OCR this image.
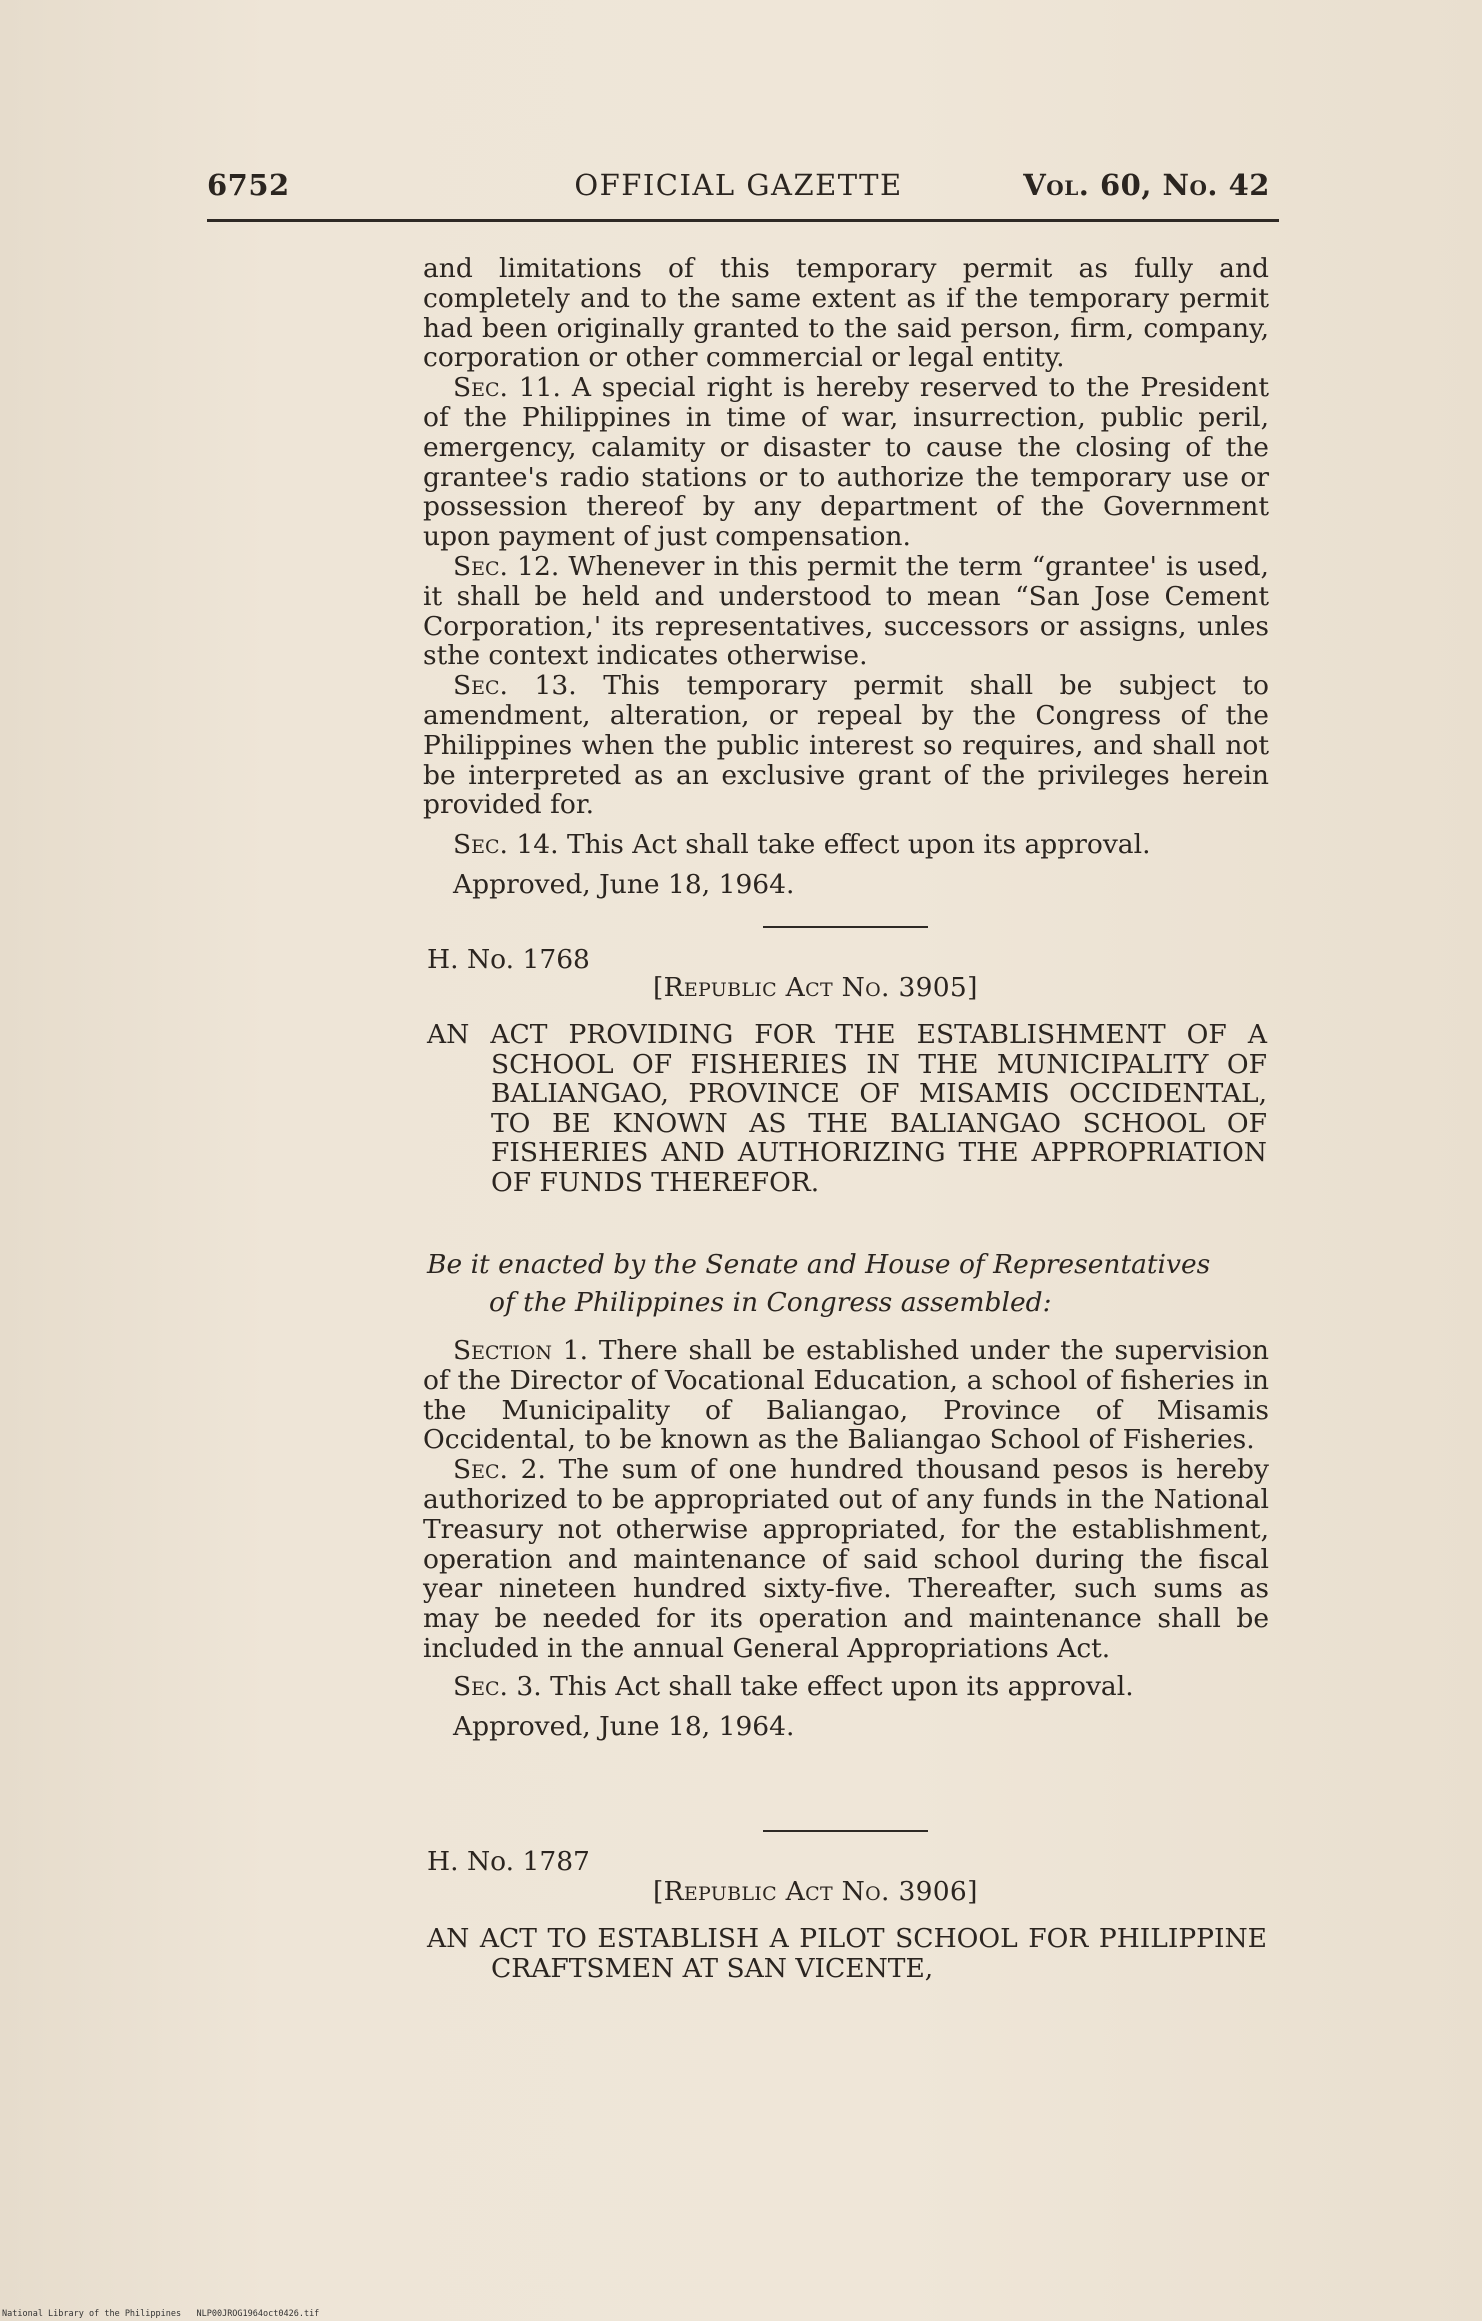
6752	OFFICIAL GAZETTE	Vol. 60, No. 42

and limitations of this temporary permit as fully and completely and to the same extent as if the temporary permit had been originally granted to the said person, firm, company, corporation or other commercial or legal entity.

Sec. 11. A special right is hereby reserved to the President of the Philippines in time of war, insurrection, public peril, emergency, calamity or disaster to cause the closing of the grantee's radio stations or to authorize the temporary use or possession thereof by any department of the Government upon payment of just compensation.

Sec. 12. Whenever in this permit the term “grantee' is used, it shall be held and understood to mean “San Jose Cement Corporation,' its representatives, successors or assigns, unles sthe context indicates otherwise.

Sec. 13. This temporary permit shall be subject to amendment, alteration, or repeal by the Congress of the Philippines when the public interest so requires, and shall not be interpreted as an exclusive grant of the privileges herein provided for.

Sec. 14. This Act shall take effect upon its approval.

Approved, June 18, 1964.

H. No. 1768
[Republic Act No. 3905]

AN ACT PROVIDING FOR THE ESTABLISHMENT OF A SCHOOL OF FISHERIES IN THE MUNICIPALITY OF BALIANGAO, PROVINCE OF MISAMIS OCCIDENTAL, TO BE KNOWN AS THE BALIANGAO SCHOOL OF FISHERIES AND AUTHORIZING THE APPROPRIATION OF FUNDS THEREFOR.

Be it enacted by the Senate and House of Representatives
of the Philippines in Congress assembled:

Section 1. There shall be established under the supervision of the Director of Vocational Education, a school of fisheries in the Municipality of Baliangao, Province of Misamis Occidental, to be known as the Baliangao School of Fisheries.

Sec. 2. The sum of one hundred thousand pesos is hereby authorized to be appropriated out of any funds in the National Treasury not otherwise appropriated, for the establishment, operation and maintenance of said school during the fiscal year nineteen hundred sixty-five. Thereafter, such sums as may be needed for its operation and maintenance shall be included in the annual General Appropriations Act.

Sec. 3. This Act shall take effect upon its approval.

Approved, June 18, 1964.

H. No. 1787
[Republic Act No. 3906]

AN ACT TO ESTABLISH A PILOT SCHOOL FOR PHILIPPINE CRAFTSMEN AT SAN VICENTE,

National Library of the Philippines NLP00JROG1964oct0426.tif
